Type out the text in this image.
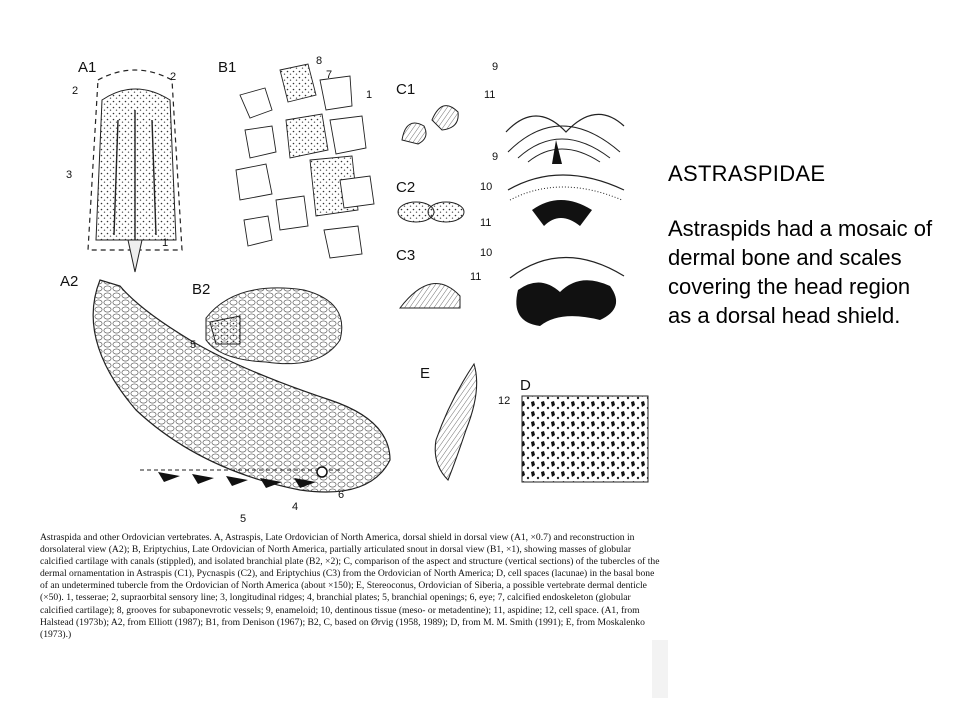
A1
2
2
3
1
B1	8
7
1 C1
9
11
C2
9
10
11
C3	10
11
A2
6
4
5
B2
5
E
D
12

Astraspida and other Ordovician vertebrates. A, Astraspis, Late Ordovician of North America, dorsal shield in dorsal view (A1, ×0.7) and reconstruction in dorsolateral view (A2); B, Eriptychius, Late Ordovician of North America, partially articulated snout in dorsal view (B1, ×1), showing masses of globular calcified cartilage with canals (stippled), and isolated branchial plate (B2, ×2); C, comparison of the aspect and structure (vertical sections) of the tubercles of the dermal ornamentation in Astraspis (C1), Pycnaspis (C2), and Eriptychius (C3) from the Ordovician of North America; D, cell spaces (lacunae) in the basal bone of an undetermined tubercle from the Ordovician of North America (about ×150); E, Stereoconus, Ordovician of Siberia, a possible vertebrate dermal denticle (×50). 1, tesserae; 2, supraorbital sensory line; 3, longitudinal ridges; 4, branchial plates; 5, branchial openings; 6, eye; 7, calcified endoskeleton (globular calcified cartilage); 8, grooves for subaponevrotic vessels; 9, enameloid; 10, dentinous tissue (meso- or metadentine); 11, aspidine; 12, cell space. (A1, from Halstead (1973b); A2, from Elliott (1987); B1, from Denison (1967); B2, C, based on Ørvig (1958, 1989); D, from M. M. Smith (1991); E, from Moskalenko (1973).)

ASTRASPIDAE

Astraspids had a mosaic of dermal bone and scales covering the head region as a dorsal head shield.
